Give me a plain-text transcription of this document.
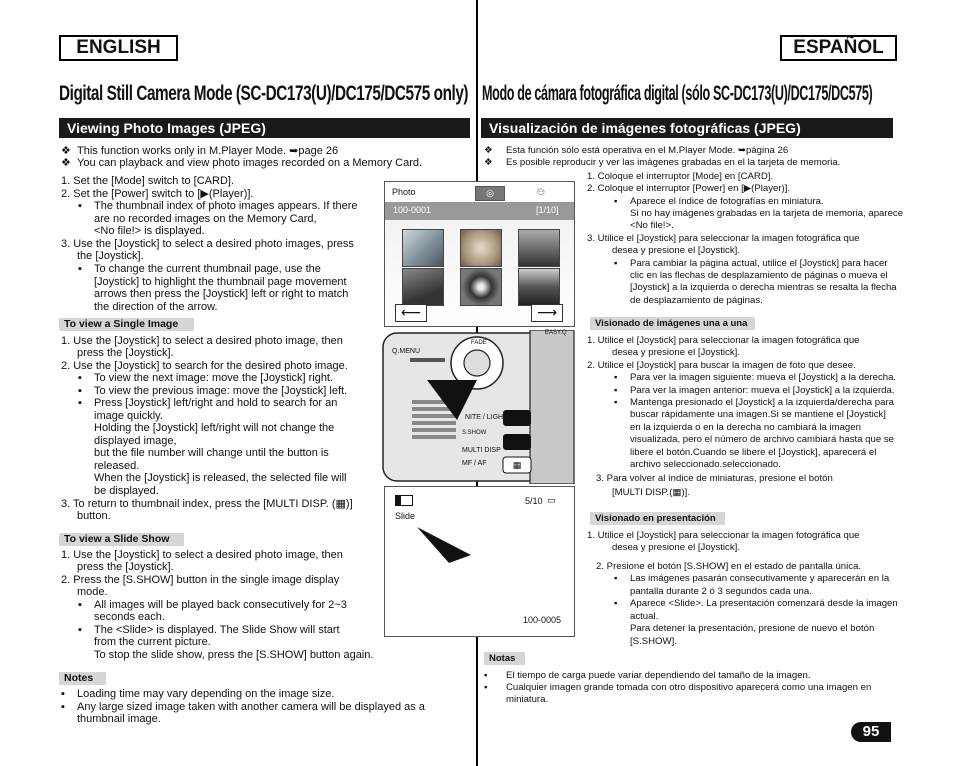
ENGLISH	ESPAÑOL
Digital Still Camera Mode (SC-DC173(U)/DC175/DC575 only) Modo de cámara fotográfica digital (sólo SC-DC173(U)/DC175/DC575)
Viewing Photo Images (JPEG)	Visualización de imágenes fotográficas (JPEG)
❖ This function works only in M.Player Mode. ➥page 26
❖ You can playback and view photo images recorded on a Memory Card.
1. Set the [Mode] switch to [CARD].
2. Set the [Power] switch to [▶(Player)].
▪ The thumbnail index of photo images appears. If there
are no recorded images on the Memory Card,
<No file!> is displayed.
3. Use the [Joystick] to select a desired photo images, press
the [Joystick].
▪ To change the current thumbnail page, use the
[Joystick] to highlight the thumbnail page movement
arrows then press the [Joystick] left or right to match
the direction of the arrow.
To view a Single Image
1. Use the [Joystick] to select a desired photo image, then
press the [Joystick].
2. Use the [Joystick] to search for the desired photo image.
▪ To view the next image: move the [Joystick] right.
▪ To view the previous image: move the [Joystick] left.
▪ Press [Joystick] left/right and hold to search for an
image quickly.
Holding the [Joystick] left/right will not change the
displayed image,
but the file number will change until the button is
released.
When the [Joystick] is released, the selected file will
be displayed.
3. To return to thumbnail index, press the [MULTI DISP. (▦)]
button.
To view a Slide Show
1. Use the [Joystick] to select a desired photo image, then
press the [Joystick].
2. Press the [S.SHOW] button in the single image display
mode.
▪ All images will be played back consecutively for 2~3
seconds each.
▪ The <Slide> is displayed. The Slide Show will start
from the current picture.
To stop the slide show, press the [S.SHOW] button again.
Notes
▪ Loading time may vary depending on the image size.
▪ Any large sized image taken with another camera will be displayed as a
thumbnail image.
❖ Esta función sólo está operativa en el M.Player Mode. ➥página 26
❖ Es posible reproducir y ver las imágenes grabadas en el la tarjeta de memoria.
1. Coloque el interruptor [Mode] en [CARD].
2. Coloque el interruptor [Power] en [▶(Player)].
▪ Aparece el índice de fotografías en miniatura.
Si no hay imágenes grabadas en la tarjeta de memoria, aparece
<No file!>.
3. Utilice el [Joystick] para seleccionar la imagen fotográfica que
desea y presione el [Joystick].
▪ Para cambiar la página actual, utilice el [Joystick] para hacer
clic en las flechas de desplazamiento de páginas o mueva el
[Joystick] a la izquierda o derecha mientras se resalta la flecha
de desplazamiento de páginas.
Visionado de imágenes una a una
1. Utilice el [Joystick] para seleccionar la imagen fotográfica que
desea y presione el [Joystick].
2. Utilice el [Joystick] para buscar la imagen de foto que desee.
▪ Para ver la imagen siguiente: mueva el [Joystick] a la derecha.
▪ Para ver la imagen anterior: mueva el [Joystick] a la izquierda.
▪ Mantenga presionado el [Joystick] a la izquierda/derecha para
buscar rápidamente una imagen.Si se mantiene el [Joystick]
en la izquierda o en la derecha no cambiará la imagen
visualizada, pero el número de archivo cambiará hasta que se
libere el botón.Cuando se libere el [Joystick], aparecerá el
archivo seleccionado.seleccionado.
3. Para volver al índice de miniaturas, presione el botón
[MULTI DISP.(▦)].
Visionado en presentación
1. Utilice el [Joystick] para seleccionar la imagen fotográfica que
desea y presione el [Joystick].
2. Presione el botón [S.SHOW] en el estado de pantalla única.
▪ Las imágenes pasarán consecutivamente y aparecerán en la
pantalla durante 2 ó 3 segundos cada una.
▪ Aparece <Slide>. La presentación comenzará desde la imagen
actual.
Para detener la presentación, presione de nuevo el botón
[S.SHOW].
Notas
▪ El tiempo de carga puede variar dependiendo del tamaño de la imagen.
▪ Cualquier imagen grande tomada con otro dispositivo aparecerá como una imagen en
miniatura.
Photo	◎	⚇
100-0001	[1/10]
⟵	⟶
Q.MENU
FADE
EASY.Q
NITE / LIGHT
S.SHOW
MULTI DISP
MF / AF	▦
5/10 ▭
Slide
100-0005
95
